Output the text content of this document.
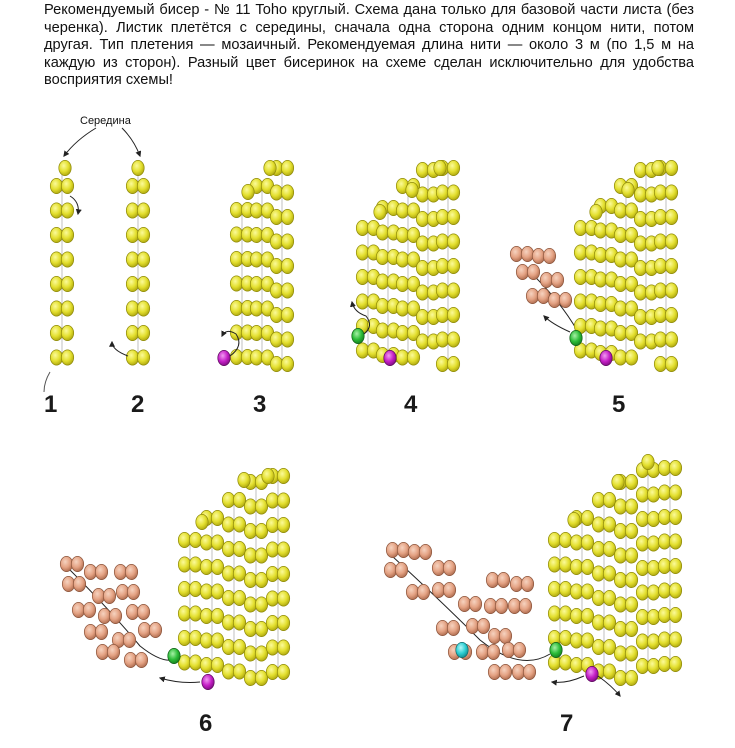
Рекомендуемый бисер - № 11 Toho круглый. Схема дана только для базовой части листа (без черенка). Листик плетётся с середины, сначала одна сторона одним концом нити, потом другая. Тип плетения — мозаичный. Рекомендуемая длина нити — около 3 м (по 1,5 м на каждую из сторон). Разный цвет бисеринок на схеме сделан исключительно для удобства восприятия схемы!

Середина
1	2	3	4	5
6	7
